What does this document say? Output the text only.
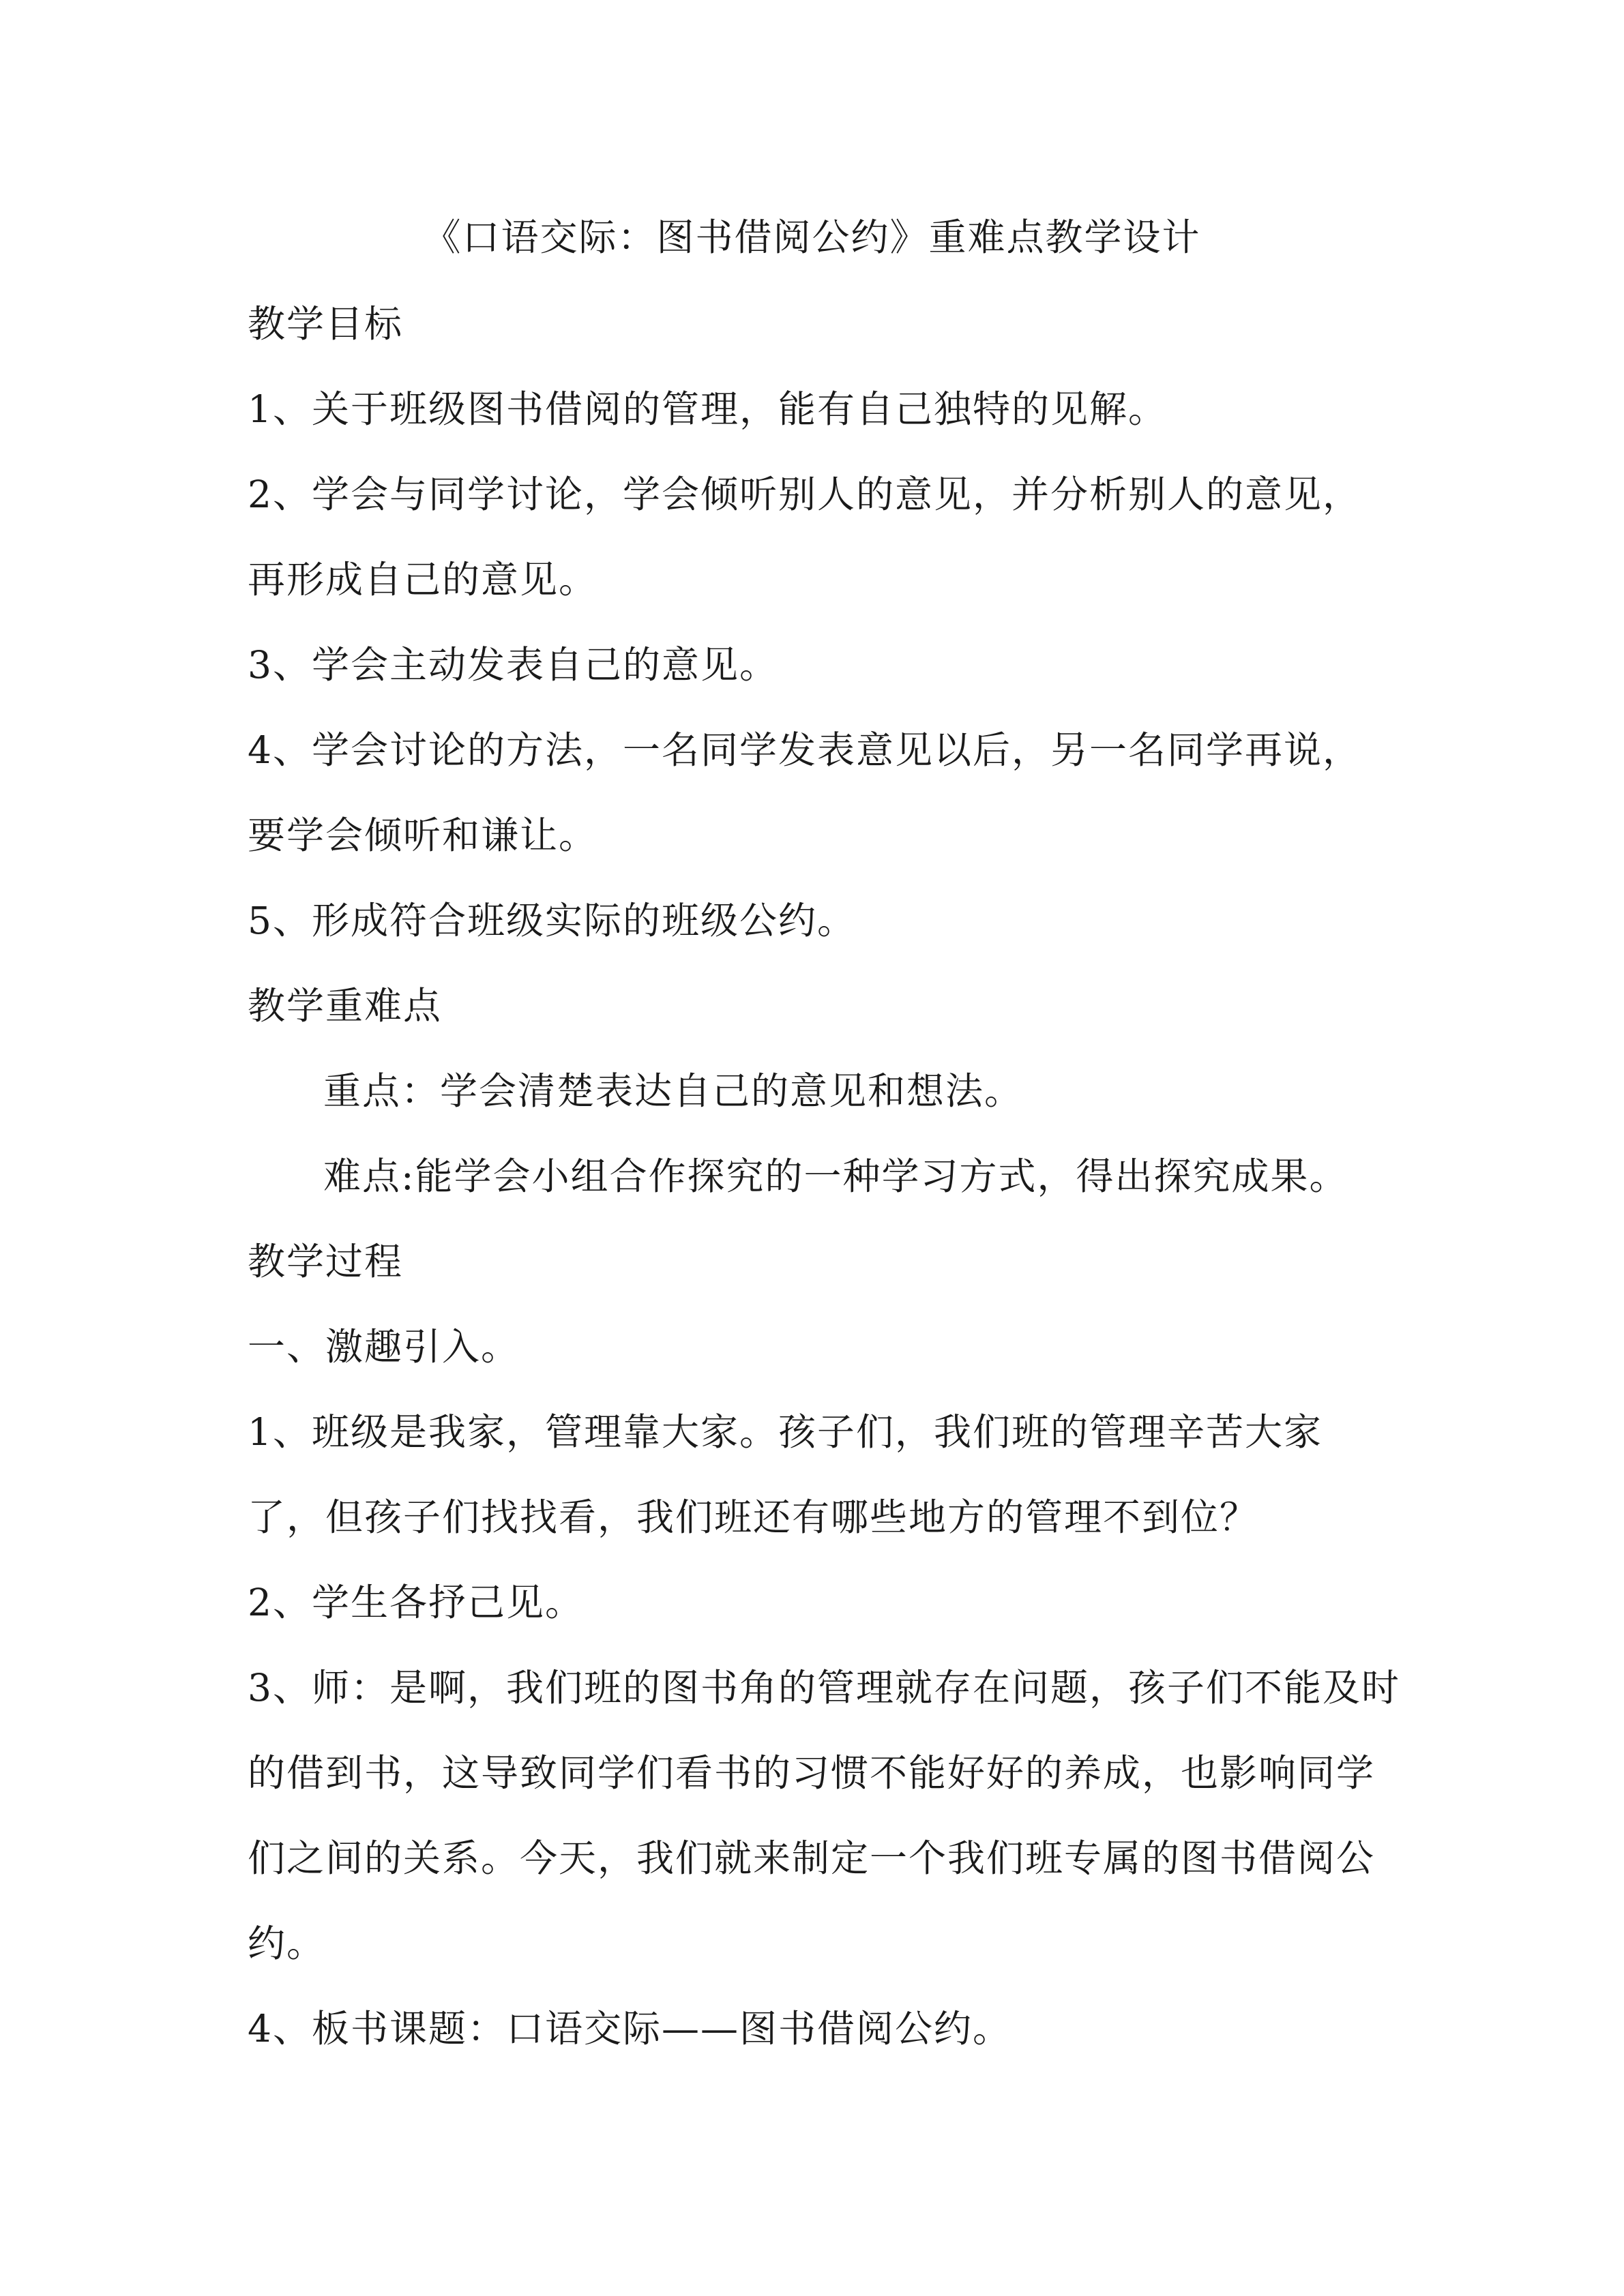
《口语交际：图书借阅公约》重难点教学设计
教学目标
1、关于班级图书借阅的管理，能有自己独特的见解。
2、学会与同学讨论，学会倾听别人的意见，并分析别人的意见，
再形成自己的意见。
3、学会主动发表自己的意见。
4、学会讨论的方法，一名同学发表意见以后，另一名同学再说，
要学会倾听和谦让。
5、形成符合班级实际的班级公约。
教学重难点
重点：学会清楚表达自己的意见和想法。
难点:能学会小组合作探究的一种学习方式，得出探究成果。
教学过程
一、激趣引入。
1、班级是我家，管理靠大家。孩子们，我们班的管理辛苦大家
了，但孩子们找找看，我们班还有哪些地方的管理不到位？
2、学生各抒己见。
3、师：是啊，我们班的图书角的管理就存在问题，孩子们不能及时
的借到书，这导致同学们看书的习惯不能好好的养成，也影响同学
们之间的关系。今天，我们就来制定一个我们班专属的图书借阅公
约。
4、板书课题：口语交际——图书借阅公约。
